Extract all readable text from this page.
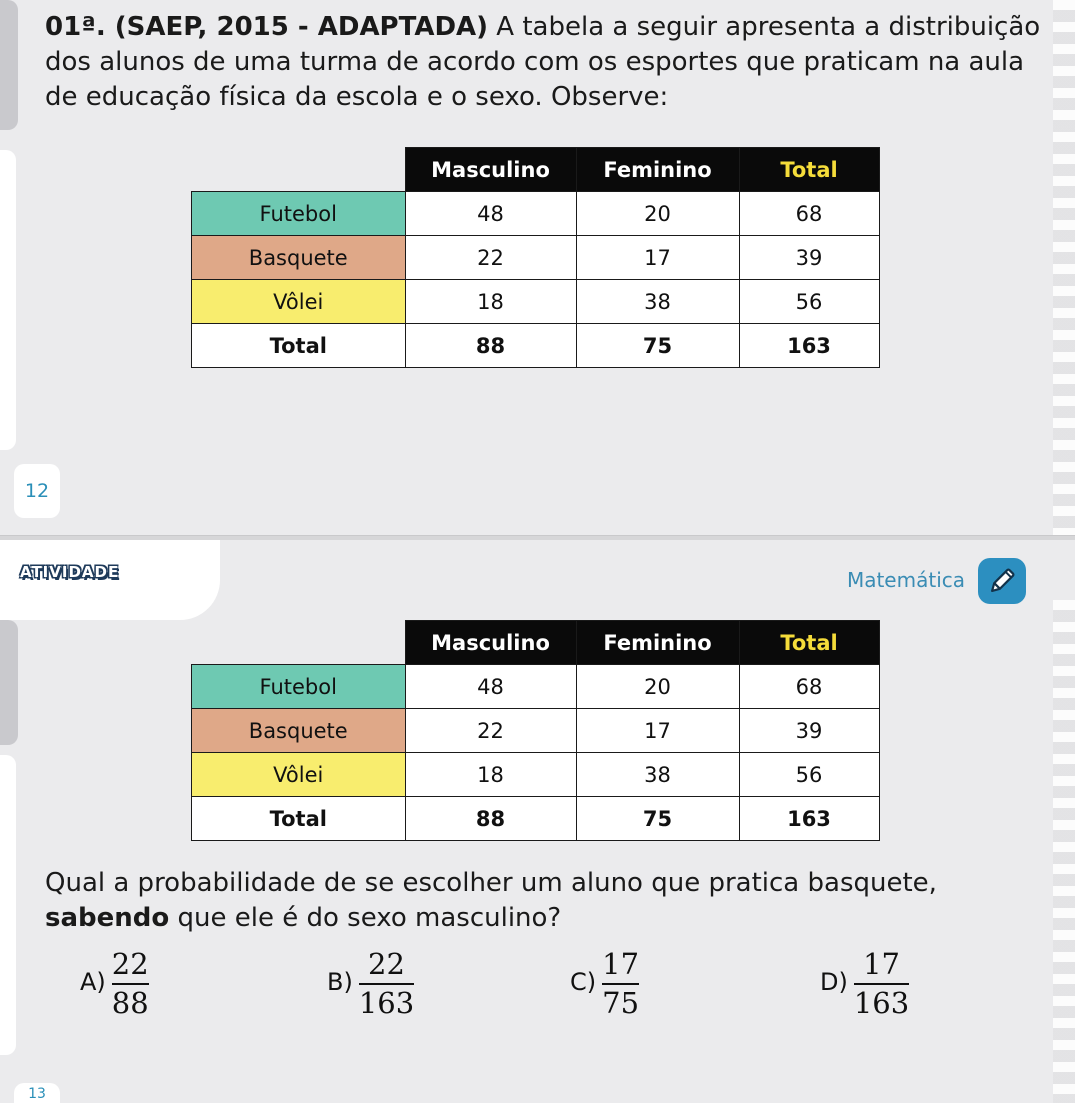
01ª. (SAEP, 2015 - ADAPTADA) A tabela a seguir apresenta a distribuição dos alunos de uma turma de acordo com os esportes que praticam na aula de educação física da escola e o sexo. Observe:

	Masculino	Feminino	Total
Futebol	48	20	68
Basquete	22	17	39
Vôlei	18	38	56
Total	88	75	163
12
ATIVIDADE	Matemática
	Masculino	Feminino	Total
Futebol	48	20	68
Basquete	22	17	39
Vôlei	18	38	56
Total	88	75	163

Qual a probabilidade de se escolher um aluno que pratica basquete,
sabendo que ele é do sexo masculino?

$A) \frac{22}{88}$	$B) \frac{22}{163}$	$C) \frac{17}{75}$	$D) \frac{17}{163}$
13
